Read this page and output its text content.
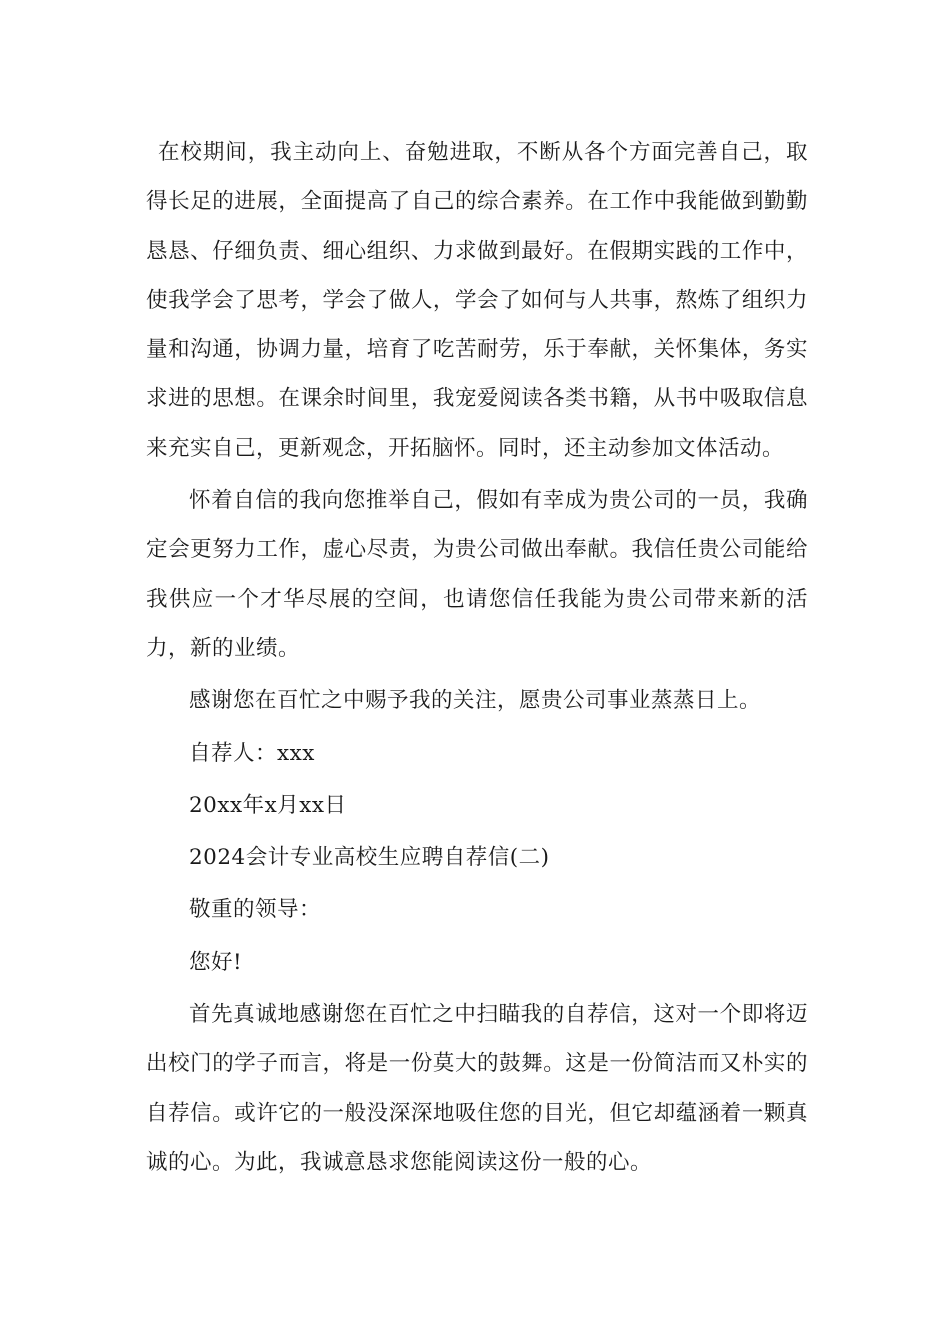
在校期间，我主动向上、奋勉进取，不断从各个方面完善自己，取得长足的进展，全面提高了自己的综合素养。在工作中我能做到勤勤恳恳、仔细负责、细心组织、力求做到最好。在假期实践的工作中，使我学会了思考，学会了做人，学会了如何与人共事，熬炼了组织力量和沟通，协调力量，培育了吃苦耐劳，乐于奉献，关怀集体，务实求进的思想。在课余时间里，我宠爱阅读各类书籍，从书中吸取信息来充实自己，更新观念，开拓脑怀。同时，还主动参加文体活动。

怀着自信的我向您推举自己，假如有幸成为贵公司的一员，我确定会更努力工作，虚心尽责，为贵公司做出奉献。我信任贵公司能给我供应一个才华尽展的空间，也请您信任我能为贵公司带来新的活力，新的业绩。

感谢您在百忙之中赐予我的关注，愿贵公司事业蒸蒸日上。

自荐人：xxx

20xx年x月xx日

2024会计专业高校生应聘自荐信(二)

敬重的领导：

您好!

首先真诚地感谢您在百忙之中扫瞄我的自荐信，这对一个即将迈出校门的学子而言，将是一份莫大的鼓舞。这是一份简洁而又朴实的自荐信。或许它的一般没深深地吸住您的目光，但它却蕴涵着一颗真诚的心。为此，我诚意恳求您能阅读这份一般的心。
